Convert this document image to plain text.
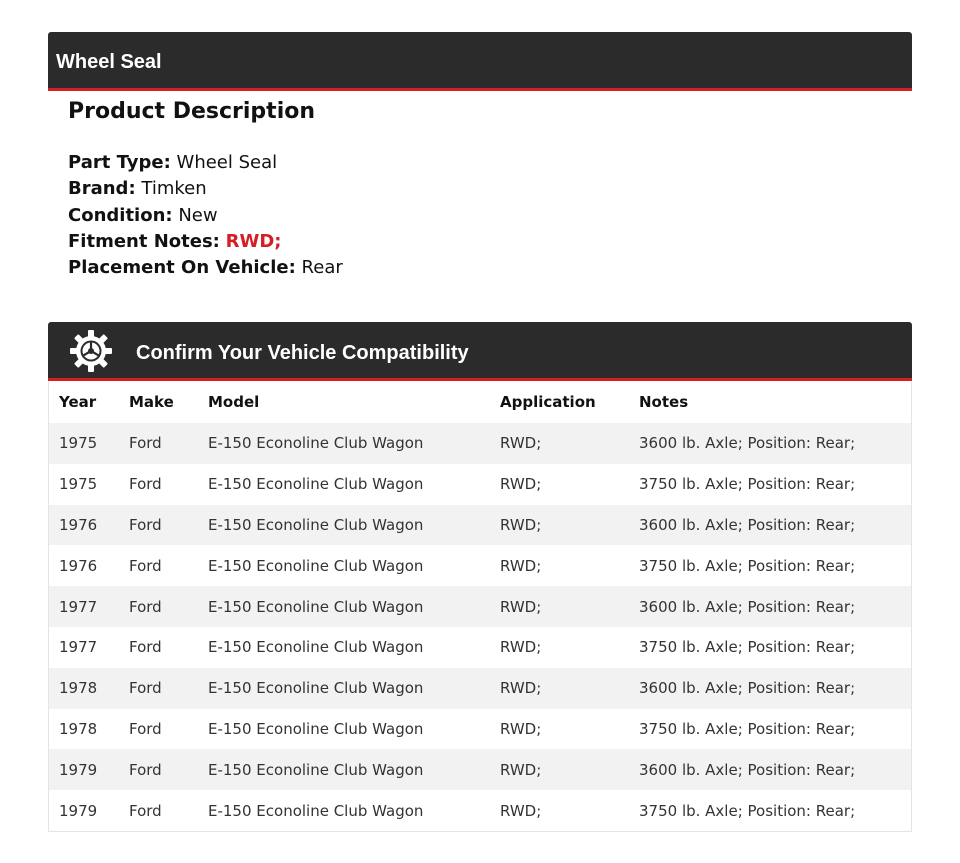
Wheel Seal
Product Description
Part Type: Wheel Seal
Brand: Timken
Condition: New
Fitment Notes: RWD;
Placement On Vehicle: Rear
Confirm Your Vehicle Compatibility
Year	Make	Model	Application	Notes
1975	Ford	E-150 Econoline Club Wagon	RWD;	3600 lb. Axle; Position: Rear;
1975	Ford	E-150 Econoline Club Wagon	RWD;	3750 lb. Axle; Position: Rear;
1976	Ford	E-150 Econoline Club Wagon	RWD;	3600 lb. Axle; Position: Rear;
1976	Ford	E-150 Econoline Club Wagon	RWD;	3750 lb. Axle; Position: Rear;
1977	Ford	E-150 Econoline Club Wagon	RWD;	3600 lb. Axle; Position: Rear;
1977	Ford	E-150 Econoline Club Wagon	RWD;	3750 lb. Axle; Position: Rear;
1978	Ford	E-150 Econoline Club Wagon	RWD;	3600 lb. Axle; Position: Rear;
1978	Ford	E-150 Econoline Club Wagon	RWD;	3750 lb. Axle; Position: Rear;
1979	Ford	E-150 Econoline Club Wagon	RWD;	3600 lb. Axle; Position: Rear;
1979	Ford	E-150 Econoline Club Wagon	RWD;	3750 lb. Axle; Position: Rear;
